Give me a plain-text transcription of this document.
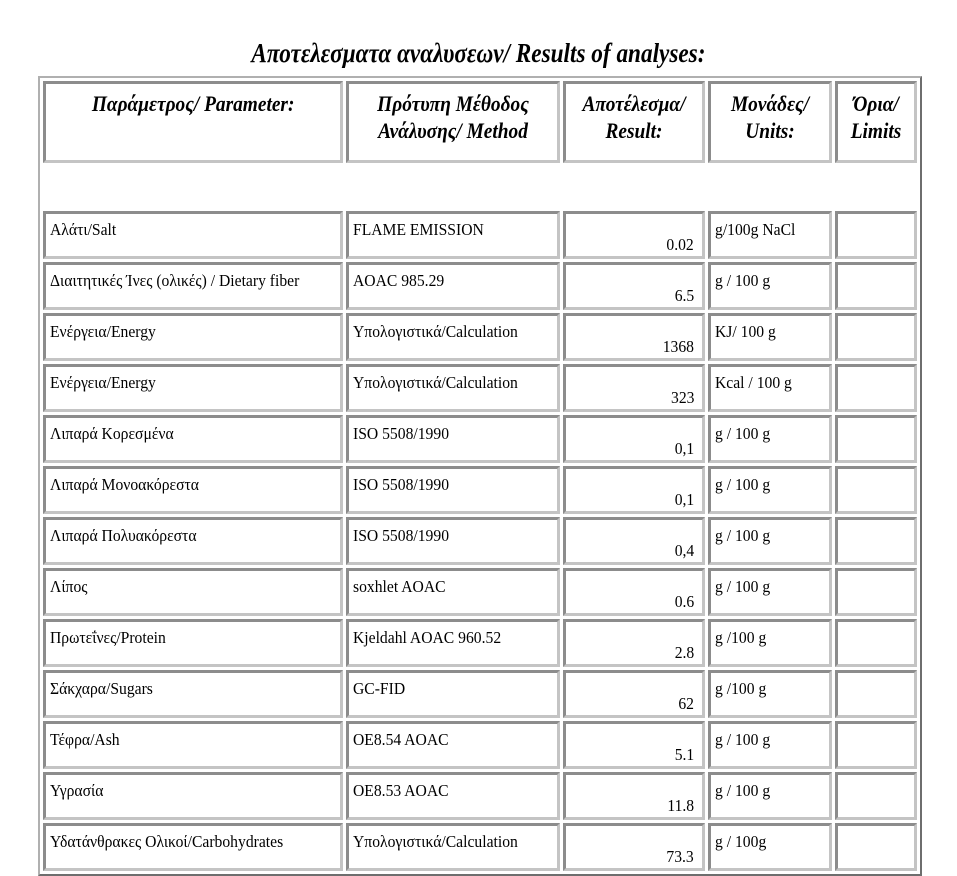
Αποτελεσματα αναλυσεων/ Results of analyses:
Παράμετρος/ Parameter:	Πρότυπη Μέθοδος Ανάλυσης/ Method	Αποτέλεσμα/ Result:	Μονάδες/ Units:	Όρια/ Limits

Αλάτι/Salt	FLAME EMISSION	0.02	g/100g NaCl	
Διαιτητικές Ίνες (ολικές) / Dietary fiber	AOAC 985.29	6.5	g / 100 g	
Ενέργεια/Energy	Υπολογιστικά/Calculation	1368	KJ/ 100 g	
Ενέργεια/Energy	Υπολογιστικά/Calculation	323	Kcal / 100 g	
Λιπαρά Κορεσμένα	ISO 5508/1990	0,1	g / 100 g	
Λιπαρά Μονοακόρεστα	ISO 5508/1990	0,1	g / 100 g	
Λιπαρά Πολυακόρεστα	ISO 5508/1990	0,4	g / 100 g	
Λίπος	soxhlet AOAC	0.6	g / 100 g	
Πρωτεΐνες/Protein	Kjeldahl AOAC 960.52	2.8	g /100 g	
Σάκχαρα/Sugars	GC-FID	62	g /100 g	
Τέφρα/Ash	OE8.54 AOAC	5.1	g / 100 g	
Υγρασία	OE8.53 AOAC	11.8	g / 100 g	
Υδατάνθρακες Ολικοί/Carbohydrates	Υπολογιστικά/Calculation	73.3	g / 100g	
